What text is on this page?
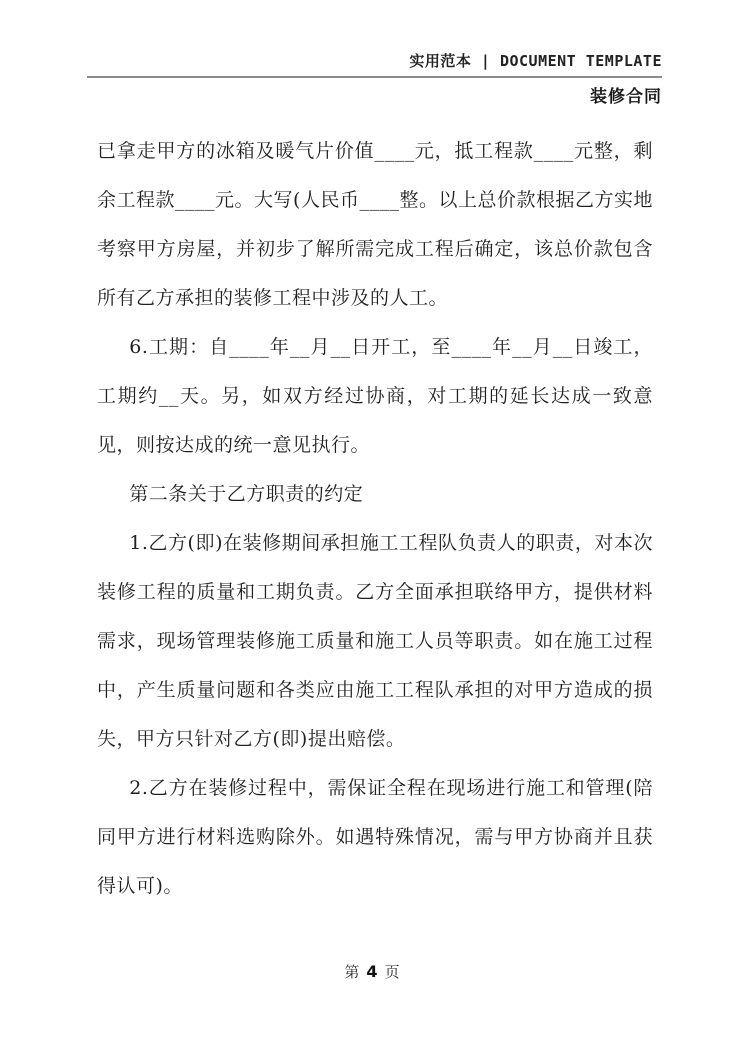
实用范本 | DOCUMENT TEMPLATE
装修合同

已拿走甲方的冰箱及暖气片价值____元，抵工程款____元整，剩余工程款____元。大写(人民币____整。以上总价款根据乙方实地考察甲方房屋，并初步了解所需完成工程后确定，该总价款包含所有乙方承担的装修工程中涉及的人工。

6.工期：自____年__月__日开工，至____年__月__日竣工，工期约__天。另，如双方经过协商，对工期的延长达成一致意见，则按达成的统一意见执行。

第二条关于乙方职责的约定

1.乙方(即)在装修期间承担施工工程队负责人的职责，对本次装修工程的质量和工期负责。乙方全面承担联络甲方，提供材料需求，现场管理装修施工质量和施工人员等职责。如在施工过程中，产生质量问题和各类应由施工工程队承担的对甲方造成的损失，甲方只针对乙方(即)提出赔偿。

2.乙方在装修过程中，需保证全程在现场进行施工和管理(陪同甲方进行材料选购除外。如遇特殊情况，需与甲方协商并且获得认可)。

第 4 页
